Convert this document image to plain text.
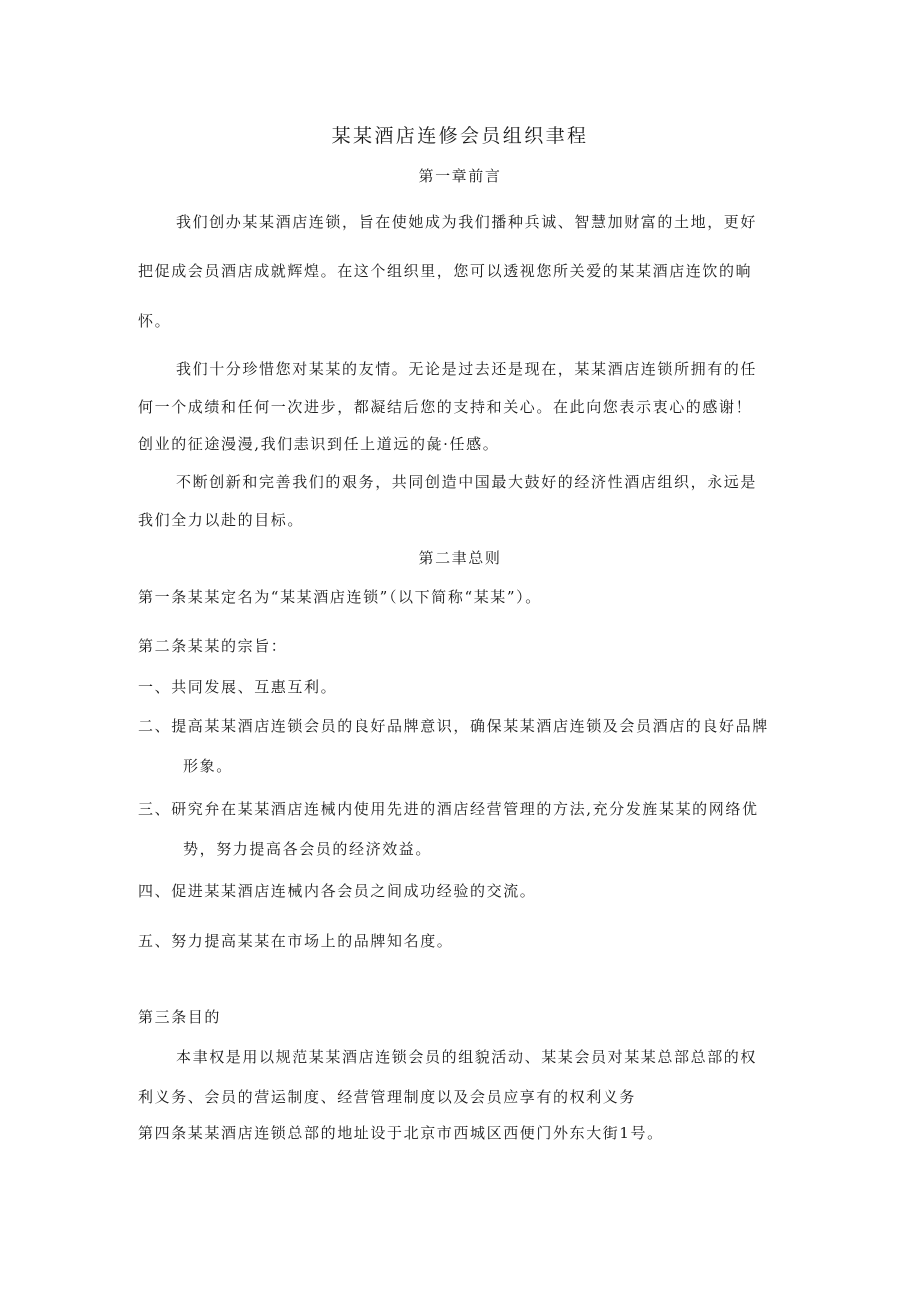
某某酒店连修会员组织聿程
第一章前言
我们创办某某酒店连锁，旨在使她成为我们播种兵诚、智慧加财富的土地，更好
把促成会员酒店成就辉煌。在这个组织里，您可以透视您所关爱的某某酒店连饮的晌
怀。
我们十分珍惜您对某某的友情。无论是过去还是现在，某某酒店连锁所拥有的任
何一个成绩和任何一次进步，都凝结后您的支持和关心。在此向您表示衷心的感谢！
创业的征途漫漫,我们恚识到任上道远的彘·任感。
不断创新和完善我们的艰务，共同创造中国最大鼓好的经济性酒店组织，永远是
我们全力以赴的目标。
第二聿总则
第一条某某定名为“某某酒店连锁”（以下简称“某某”）。
第二条某某的宗旨：
一、共同发展、互惠互利。
二、提高某某酒店连锁会员的良好品牌意识，确保某某酒店连锁及会员酒店的良好品牌
形象。
三、研究弁在某某酒店连械内使用先进的酒店经营管理的方法,充分发旌某某的网络优
势，努力提高各会员的经济效益。
四、促进某某酒店连械内各会员之间成功经验的交流。
五、努力提高某某在市场上的品牌知名度。
第三条目的
本聿权是用以规范某某酒店连锁会员的组貌活动、某某会员对某某总部总部的权
利义务、会员的营运制度、经营管理制度以及会员应享有的权利义务
第四条某某酒店连锁总部的地址设于北京市西城区西便门外东大街1号。
